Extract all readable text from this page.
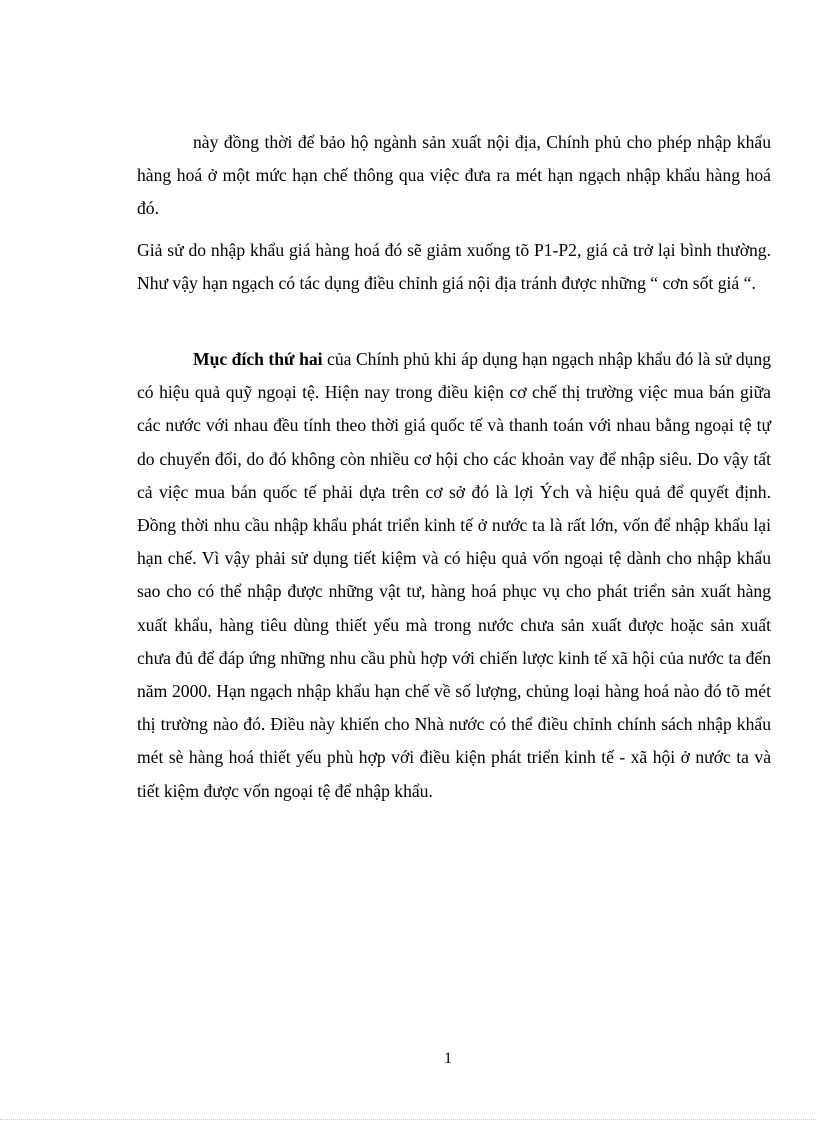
này đồng thời để bảo hộ ngành sản xuất nội địa, Chính phủ cho phép nhập khẩu hàng hoá ở một mức hạn chế thông qua việc đưa ra mét hạn ngạch nhập khẩu hàng hoá đó.

Giả sử do nhập khẩu giá hàng hoá đó sẽ giảm xuống tõ P1-P2, giá cả trở lại bình thường. Như vậy hạn ngạch có tác dụng điều chỉnh giá nội địa tránh được những “ cơn sốt giá “.

Mục đích thứ hai của Chính phủ khi áp dụng hạn ngạch nhập khẩu đó là sử dụng có hiệu quả quỹ ngoại tệ. Hiện nay trong điều kiện cơ chế thị trường việc mua bán giữa các nước với nhau đều tính theo thời giá quốc tế và thanh toán với nhau bằng ngoại tệ tự do chuyển đổi, do đó không còn nhiều cơ hội cho các khoản vay để nhập siêu. Do vậy tất cả việc mua bán quốc tế phải dựa trên cơ sở đó là lợi Ých và hiệu quả để quyết định. Đồng thời nhu cầu nhập khẩu phát triển kinh tế ở nước ta là rất lớn, vốn để nhập khẩu lại hạn chế. Vì vậy phải sử dụng tiết kiệm và có hiệu quả vốn ngoại tệ dành cho nhập khẩu sao cho có thể nhập được những vật tư, hàng hoá phục vụ cho phát triển sản xuất hàng xuất khẩu, hàng tiêu dùng thiết yếu mà trong nước chưa sản xuất được hoặc sản xuất chưa đủ để đáp ứng những nhu cầu phù hợp với chiến lược kinh tế xã hội của nước ta đến năm 2000. Hạn ngạch nhập khẩu hạn chế về số lượng, chủng loại hàng hoá nào đó tõ mét thị trường nào đó. Điều này khiến cho Nhà nước có thể điều chỉnh chính sách nhập khẩu mét sè hàng hoá thiết yếu phù hợp với điều kiện phát triển kinh tế - xã hội ở nước ta và tiết kiệm được vốn ngoại tệ để nhập khẩu.

1
